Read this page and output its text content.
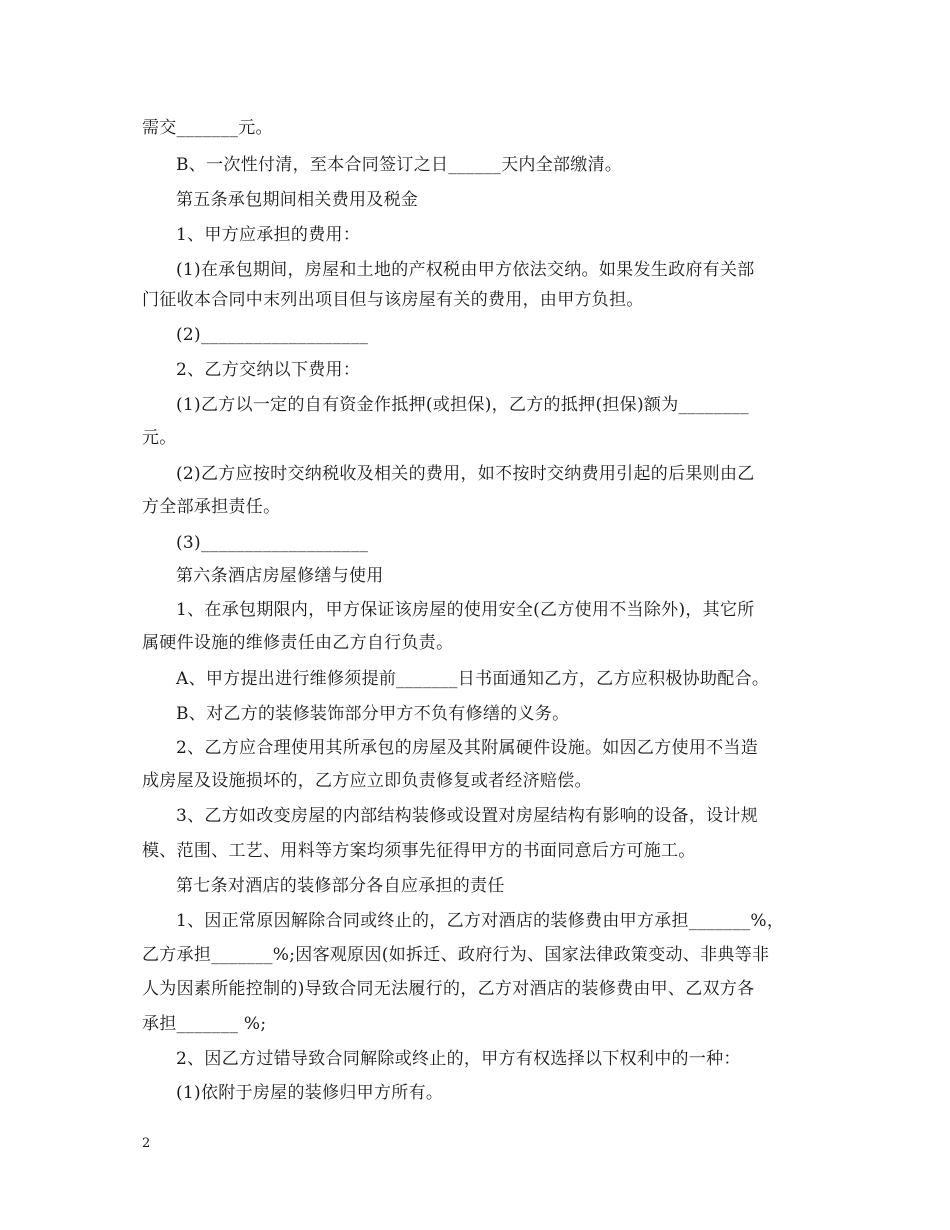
需交_______元。
B、一次性付清，至本合同签订之日______天内全部缴清。
第五条承包期间相关费用及税金
1、甲方应承担的费用：
(1)在承包期间，房屋和土地的产权税由甲方依法交纳。如果发生政府有关部
门征收本合同中末列出项目但与该房屋有关的费用，由甲方负担。
(2)___________________
2、乙方交纳以下费用：
(1)乙方以一定的自有资金作抵押(或担保)，乙方的抵押(担保)额为________
元。
(2)乙方应按时交纳税收及相关的费用，如不按时交纳费用引起的后果则由乙
方全部承担责任。
(3)___________________
第六条酒店房屋修缮与使用
1、在承包期限内，甲方保证该房屋的使用安全(乙方使用不当除外)，其它所
属硬件设施的维修责任由乙方自行负责。
A、甲方提出进行维修须提前_______日书面通知乙方，乙方应积极协助配合。
B、对乙方的装修装饰部分甲方不负有修缮的义务。
2、乙方应合理使用其所承包的房屋及其附属硬件设施。如因乙方使用不当造
成房屋及设施损坏的，乙方应立即负责修复或者经济赔偿。
3、乙方如改变房屋的内部结构装修或设置对房屋结构有影响的设备，设计规
模、范围、工艺、用料等方案均须事先征得甲方的书面同意后方可施工。
第七条对酒店的装修部分各自应承担的责任
1、因正常原因解除合同或终止的，乙方对酒店的装修费由甲方承担_______%，
乙方承担_______%;因客观原因(如拆迁、政府行为、国家法律政策变动、非典等非
人为因素所能控制的)导致合同无法履行的，乙方对酒店的装修费由甲、乙双方各
承担_______ %;
2、因乙方过错导致合同解除或终止的，甲方有权选择以下权利中的一种：
(1)依附于房屋的装修归甲方所有。
2
